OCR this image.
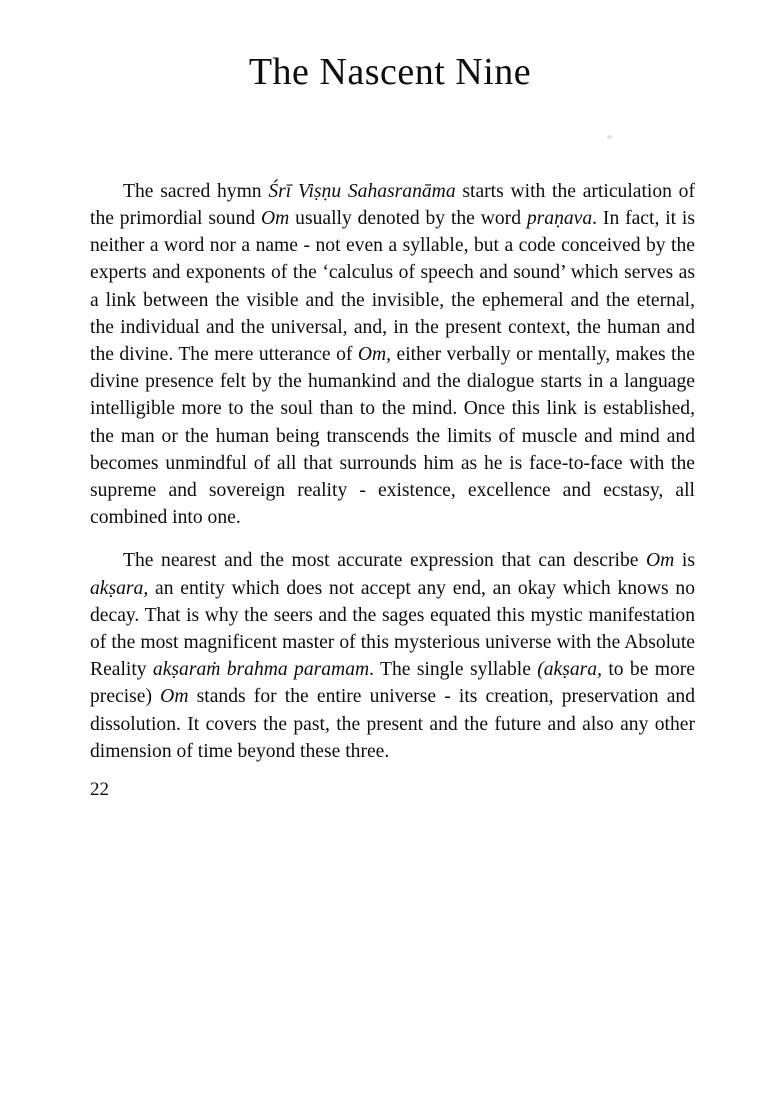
The Nascent Nine

The sacred hymn Śrī Viṣṇu Sahasranāma starts with the articulation of the primordial sound Om usually denoted by the word praṇava. In fact, it is neither a word nor a name - not even a syllable, but a code conceived by the experts and exponents of the ‘calculus of speech and sound’ which serves as a link between the visible and the invisible, the ephemeral and the eternal, the individual and the universal, and, in the present context, the human and the divine. The mere utterance of Om, either verbally or mentally, makes the divine presence felt by the humankind and the dialogue starts in a language intelligible more to the soul than to the mind. Once this link is established, the man or the human being transcends the limits of muscle and mind and becomes unmindful of all that surrounds him as he is face-to-face with the supreme and sovereign reality - existence, excellence and ecstasy, all combined into one.

The nearest and the most accurate expression that can describe Om is akṣara, an entity which does not accept any end, an okay which knows no decay. That is why the seers and the sages equated this mystic manifestation of the most magnificent master of this mysterious universe with the Absolute Reality akṣaraṁ brahma paramam. The single syllable (akṣara, to be more precise) Om stands for the entire universe - its creation, preservation and dissolution. It covers the past, the present and the future and also any other dimension of time beyond these three.

22
